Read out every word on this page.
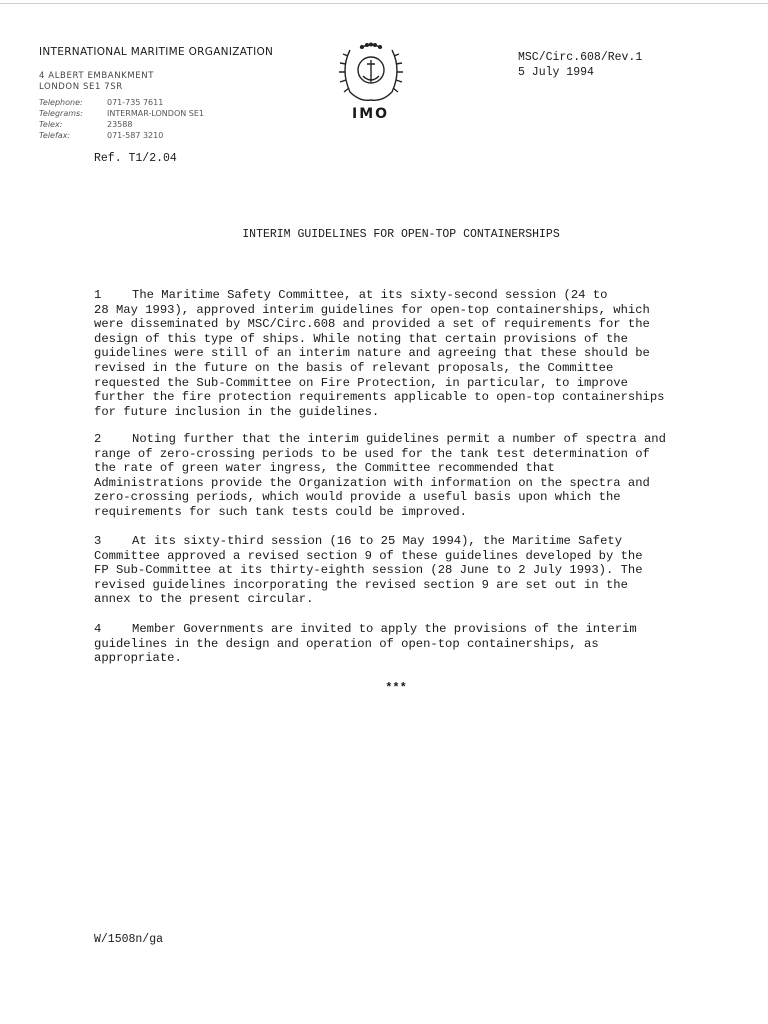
INTERNATIONAL MARITIME ORGANIZATION
4 ALBERT EMBANKMENT
LONDON SE1 7SR
Telephone:	071-735 7611
Telegrams:	INTERMAR-LONDON SE1
Telex:	23588
Telefax:	071-587 3210
IMO
MSC/Circ.608/Rev.1
5 July 1994
Ref. T1/2.04
INTERIM GUIDELINES FOR OPEN-TOP CONTAINERSHIPS
1	The Maritime Safety Committee, at its sixty-second session (24 to
28 May 1993), approved interim guidelines for open-top containerships, which
were disseminated by MSC/Circ.608 and provided a set of requirements for the
design of this type of ships. While noting that certain provisions of the
guidelines were still of an interim nature and agreeing that these should be
revised in the future on the basis of relevant proposals, the Committee
requested the Sub-Committee on Fire Protection, in particular, to improve
further the fire protection requirements applicable to open-top containerships
for future inclusion in the guidelines.
2	Noting further that the interim guidelines permit a number of spectra and
range of zero-crossing periods to be used for the tank test determination of
the rate of green water ingress, the Committee recommended that
Administrations provide the Organization with information on the spectra and
zero-crossing periods, which would provide a useful basis upon which the
requirements for such tank tests could be improved.
3	At its sixty-third session (16 to 25 May 1994), the Maritime Safety
Committee approved a revised section 9 of these guidelines developed by the
FP Sub-Committee at its thirty-eighth session (28 June to 2 July 1993). The
revised guidelines incorporating the revised section 9 are set out in the
annex to the present circular.
4	Member Governments are invited to apply the provisions of the interim
guidelines in the design and operation of open-top containerships, as
appropriate.
***
W/1508n/ga
